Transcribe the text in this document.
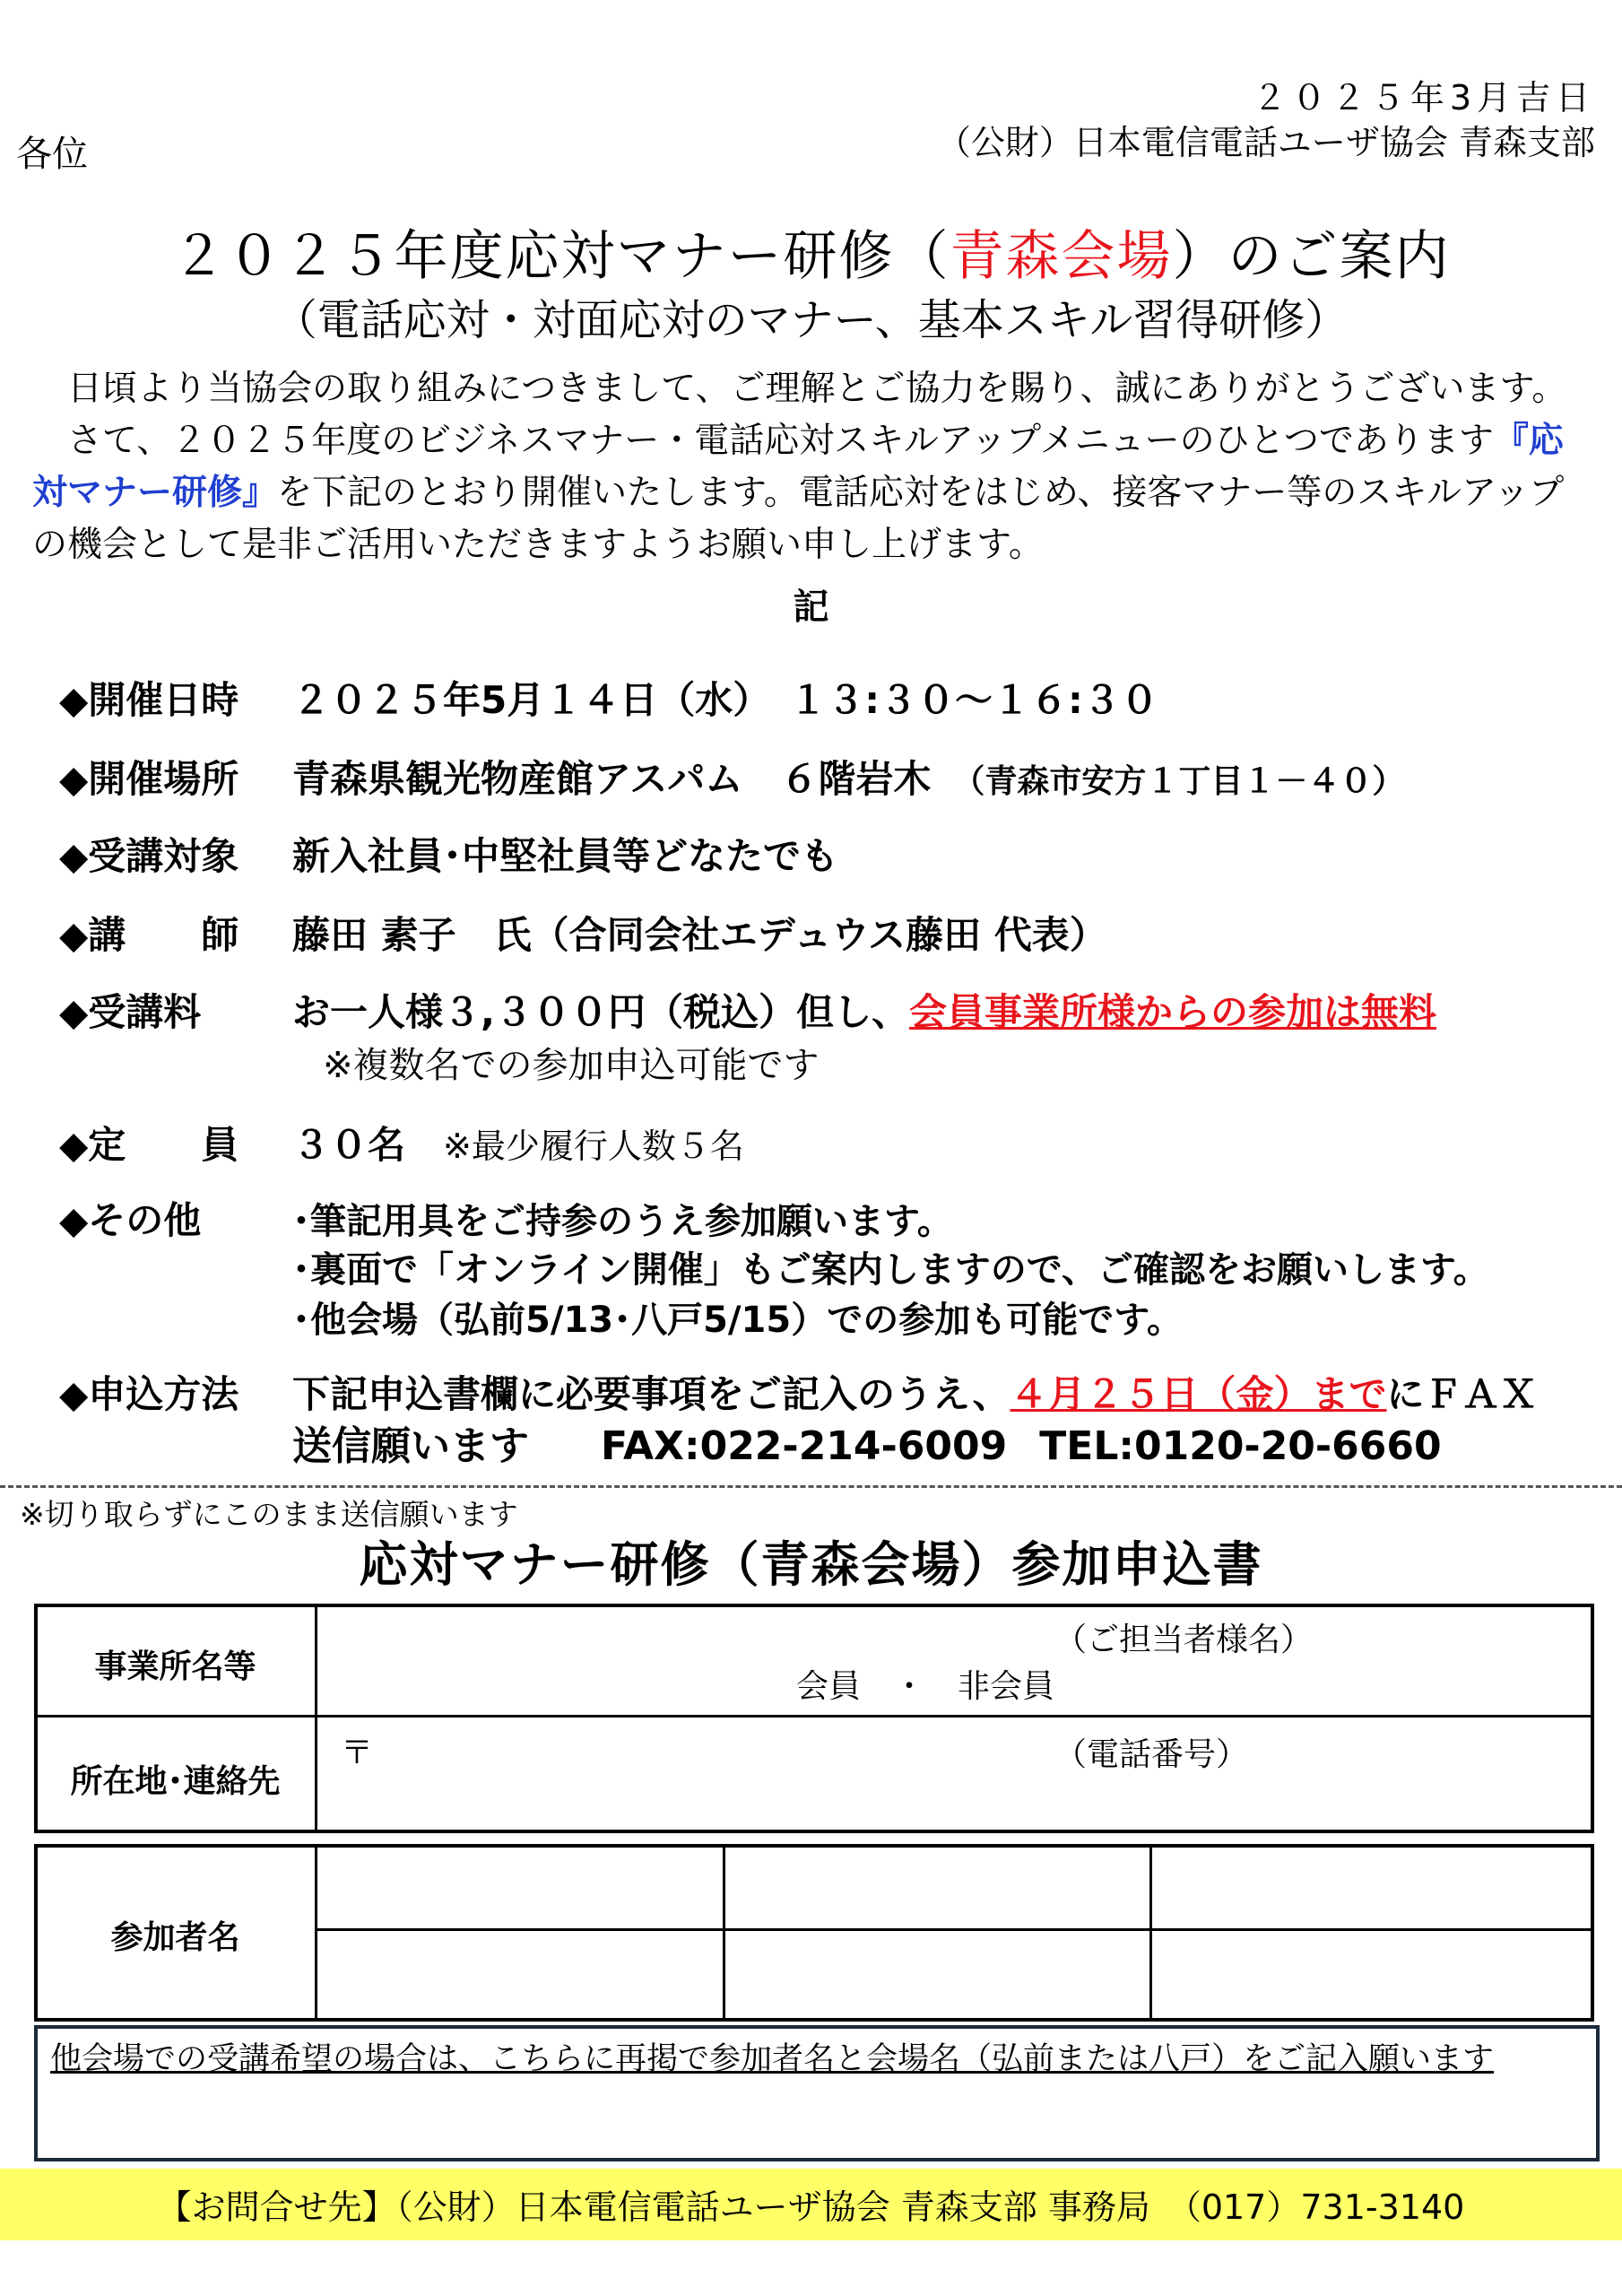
２０２５年3月吉日
（公財）日本電信電話ユーザ協会 青森支部
各位
２０２５年度応対マナー研修（青森会場）のご案内
（電話応対・対面応対のマナー、基本スキル習得研修）

　日頃より当協会の取り組みにつきまして、ご理解とご協力を賜り、誠にありがとうございます。

　さて、２０２５年度のビジネスマナー・電話応対スキルアップメニューのひとつであります『応対マナー研修』を下記のとおり開催いたします。電話応対をはじめ、接客マナー等のスキルアップの機会として是非ご活用いただきますようお願い申し上げます。

記
◆開催日時 ２０２５年5月１４日（水）　１３:３０～１６:３０
◆開催場所 青森県観光物産館アスパム　６階岩木　 （青森市安方１丁目１－４０）
◆受講対象 新入社員･中堅社員等どなたでも
◆講　　師 藤田 素子　氏（合同会社エデュウス藤田 代表）
◆受講料 お一人様３,３００円（税込）但し、会員事業所様からの参加は無料
※複数名での参加申込可能です
◆定　　員 ３０名　 ※最少履行人数５名
◆その他	･筆記用具をご持参のうえ参加願います。
･裏面で「オンライン開催」もご案内しますので、ご確認をお願いします。
･他会場（弘前5/13･八戸5/15）での参加も可能です。
◆申込方法 下記申込書欄に必要事項をご記入のうえ、４月２５日（金）までにＦＡＸ
送信願います FAX:022-214-6009 TEL:0120-20-6660
※切り取らずにこのまま送信願います
応対マナー研修（青森会場）参加申込書
事業所名等
（ご担当者様名）
会員　・　非会員
所在地･連絡先
〒	（電話番号）
参加者名
他会場での受講希望の場合は、こちらに再掲で参加者名と会場名（弘前または八戸）をご記入願います
【お問合せ先】（公財）日本電信電話ユーザ協会 青森支部 事務局　（017）731-3140
